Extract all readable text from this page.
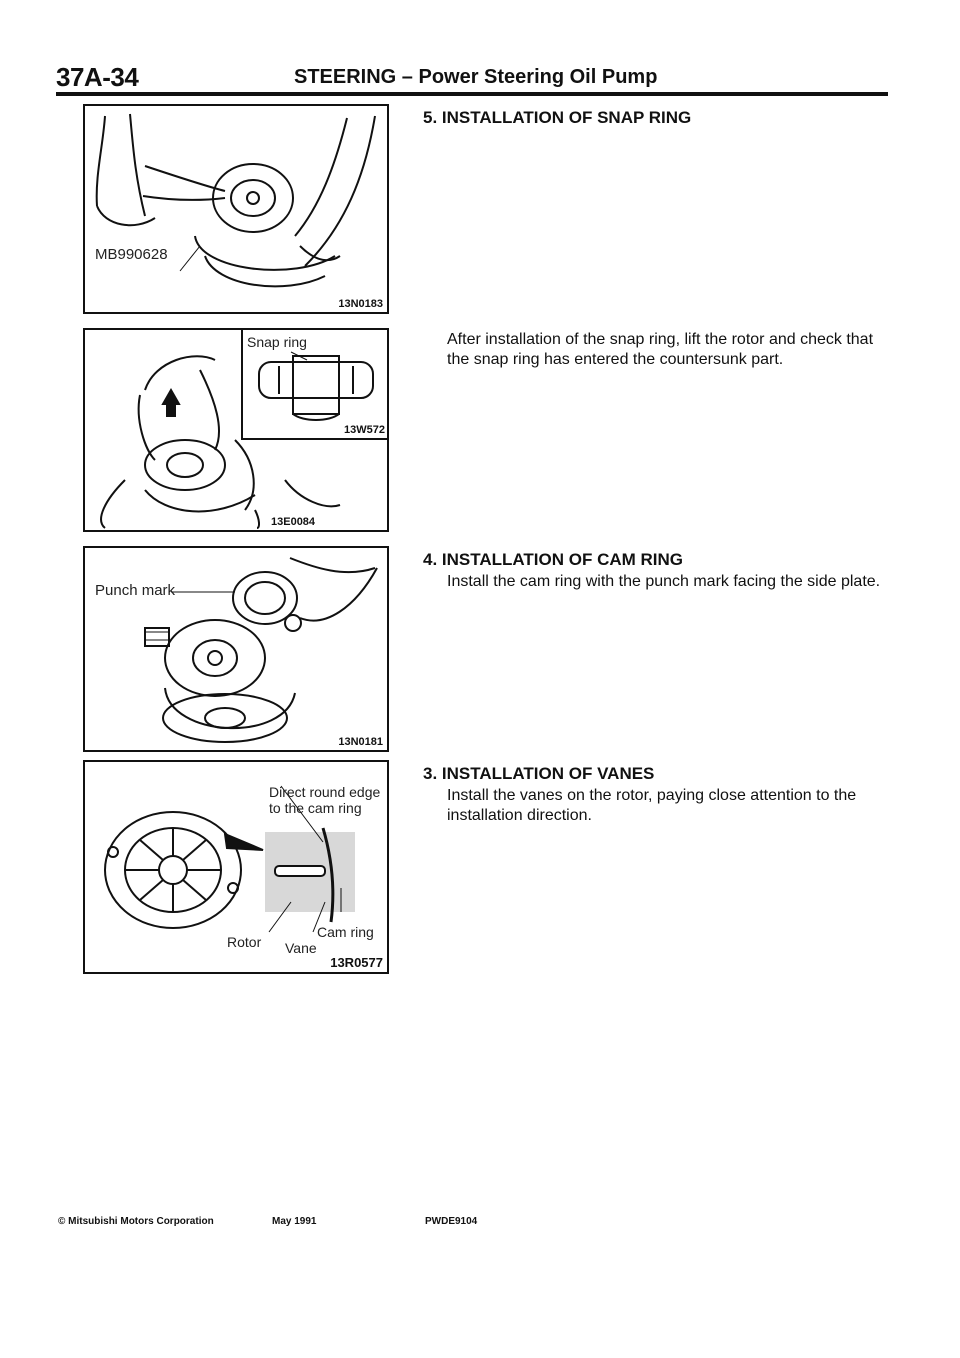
37A-34	STEERING – Power Steering Oil Pump
MB990628
13N0183
Snap ring
13W572
13E0084
Punch mark
13N0181
Direct round edge
to the cam ring
Rotor Vane
Cam ring
13R0577
5. INSTALLATION OF SNAP RING
After installation of the snap ring, lift the rotor and check that the snap ring has entered the countersunk part.
4. INSTALLATION OF CAM RING
Install the cam ring with the punch mark facing the side plate.
3. INSTALLATION OF VANES
Install the vanes on the rotor, paying close attention to the installation direction.
© Mitsubishi Motors Corporation	May 1991	PWDE9104
